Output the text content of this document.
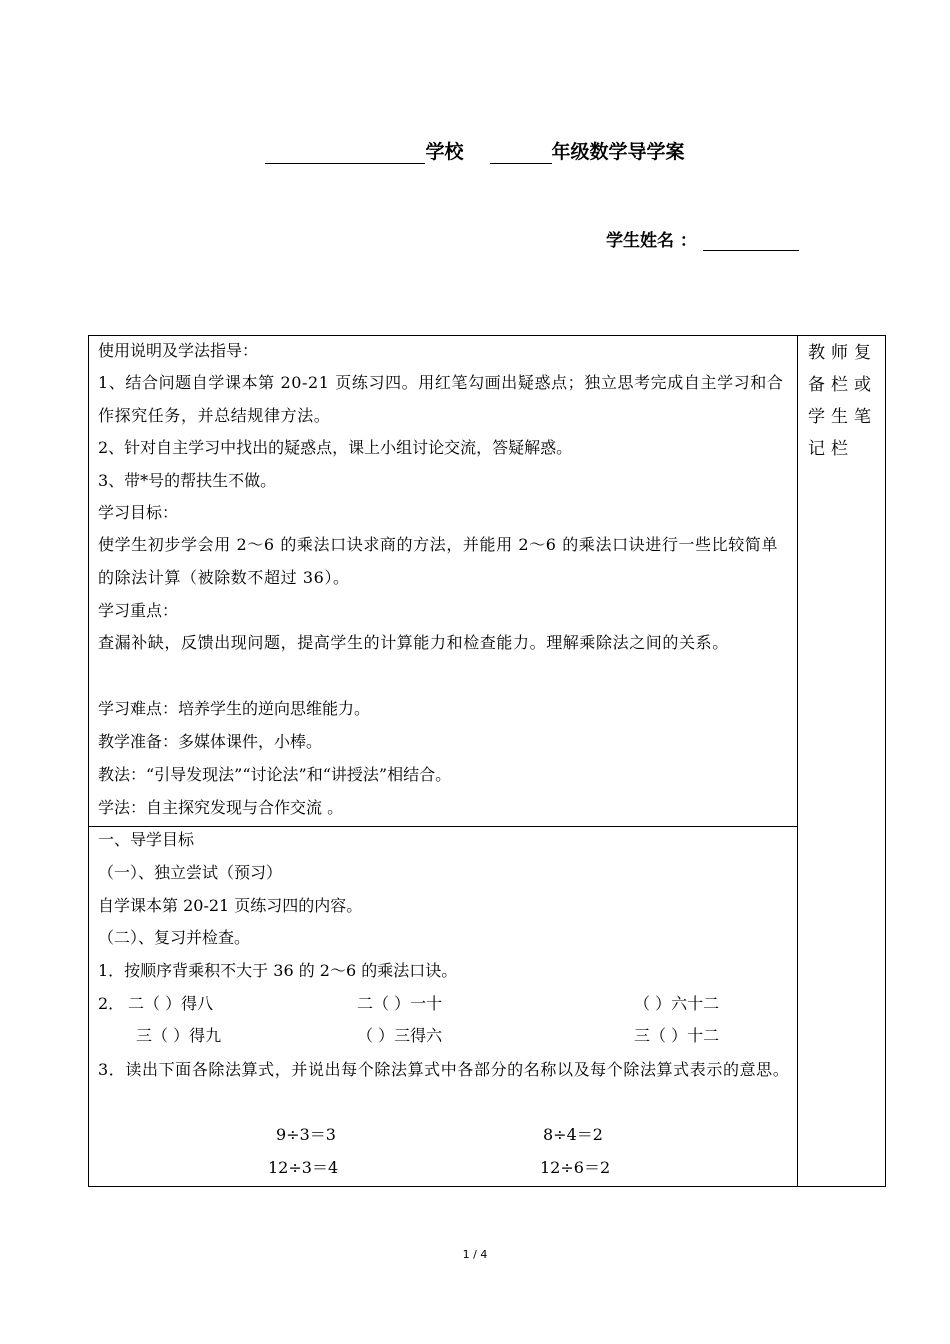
学校	年级数学导学案
学生姓名 ：
教师复备栏或学生笔记栏
使用说明及学法指导：
1、结合问题自学课本第 20-21 页练习四。用红笔勾画出疑惑点；独立思考完成自主学习和合作探究任务，并总结规律方法。
2、针对自主学习中找出的疑惑点，课上小组讨论交流，答疑解惑。
3、带*号的帮扶生不做。
学习目标：
使学生初步学会用 2～6 的乘法口诀求商的方法，并能用 2～6 的乘法口诀进行一些比较简单的除法计算（被除数不超过 36）。
学习重点：
查漏补缺，反馈出现问题，提高学生的计算能力和检查能力。理解乘除法之间的关系。
学习难点：培养学生的逆向思维能力。
教学准备：多媒体课件，小棒。
教法：“引导发现法”“讨论法”和“讲授法”相结合。
学法：自主探究发现与合作交流 。
一、导学目标
（一）、独立尝试（预习）
自学课本第 20-21 页练习四的内容。
（二）、复习并检查。
1．按顺序背乘积不大于 36 的 2～6 的乘法口诀。
2． 二（ ）得八	二（ ）一十	（ ）六十二
三（ ）得九	（ ）三得六	三（ ）十二
3．读出下面各除法算式，并说出每个除法算式中各部分的名称以及每个除法算式表示的意思。
9÷3＝3	8÷4＝2
12÷3＝4	12÷6＝2
1 / 4
